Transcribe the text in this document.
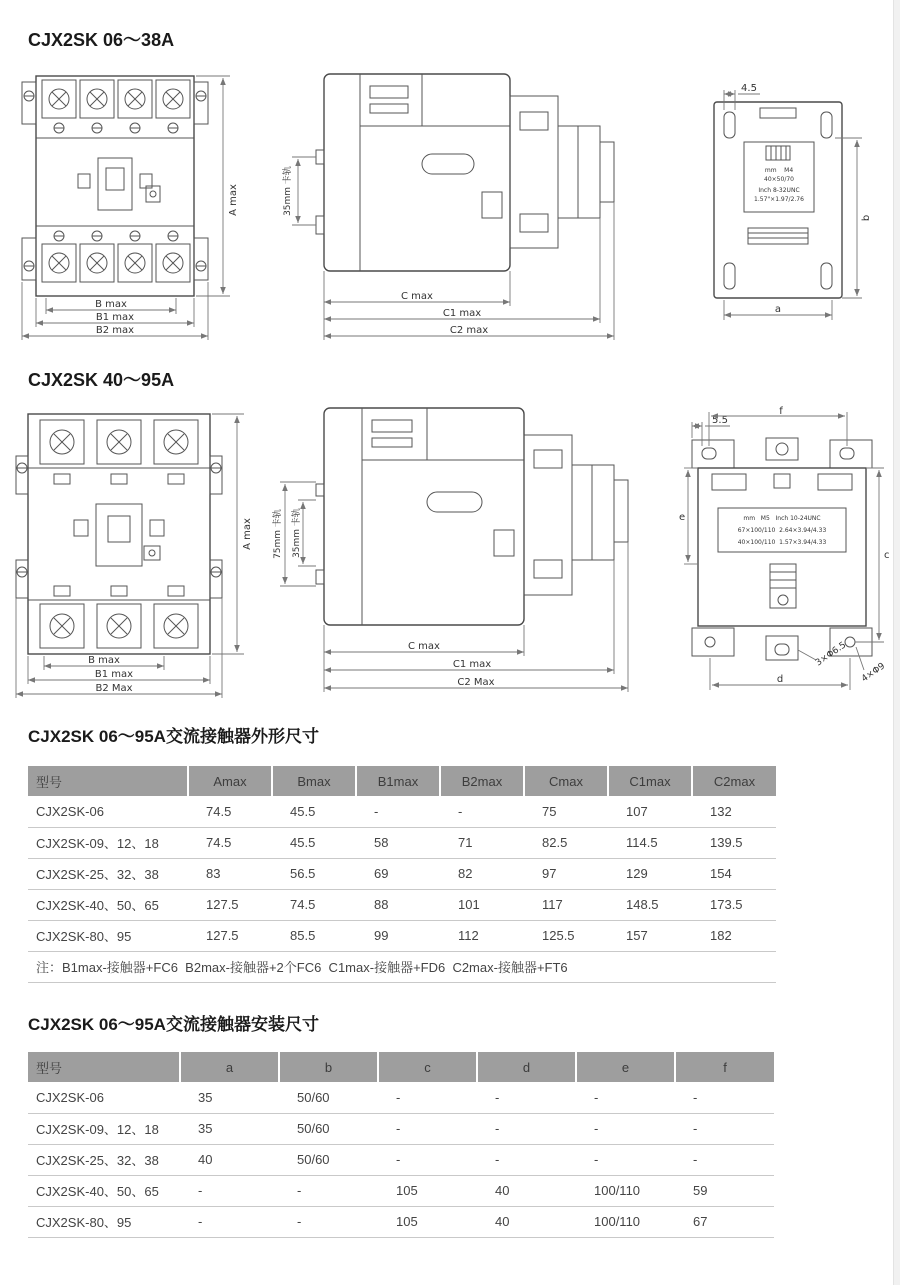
CJX2SK 06～38A
A max
B max
B1 max
B2 max
35mm 卡轨
C max
C1 max
C2 max
4.5
mm    M4
40×50/70
Inch 8-32UNC
1.57"×1.97/2.76
b
a
CJX2SK 40～95A
A max
B max
B1 max
B2 Max
75mm 卡轨 35mm 卡轨
C max
C1 max
C2 Max
5.5
f
mm   M5   Inch 10-24UNC
67×100/110  2.64×3.94/4.33
40×100/110  1.57×3.94/4.33
3×Φ6.5
4×Φ9
e
c
d
CJX2SK 06～95A交流接触器外形尺寸
型号	Amax	Bmax	B1max	B2max	Cmax	C1max	C2max
CJX2SK-06	74.5	45.5	-	-	75	107	132
CJX2SK-09、12、18	74.5	45.5	58	71	82.5	114.5	139.5
CJX2SK-25、32、38	83	56.5	69	82	97	129	154
CJX2SK-40、50、65	127.5	74.5	88	101	117	148.5	173.5
CJX2SK-80、95	127.5	85.5	99	112	125.5	157	182
注：B1max-接触器+FC6  B2max-接触器+2个FC6  C1max-接触器+FD6  C2max-接触器+FT6							
CJX2SK 06～95A交流接触器安装尺寸
型号	a	b	c	d	e	f
CJX2SK-06	35	50/60	-	-	-	-
CJX2SK-09、12、18	35	50/60	-	-	-	-
CJX2SK-25、32、38	40	50/60	-	-	-	-
CJX2SK-40、50、65	-	-	105	40	100/110	59
CJX2SK-80、95	-	-	105	40	100/110	67
